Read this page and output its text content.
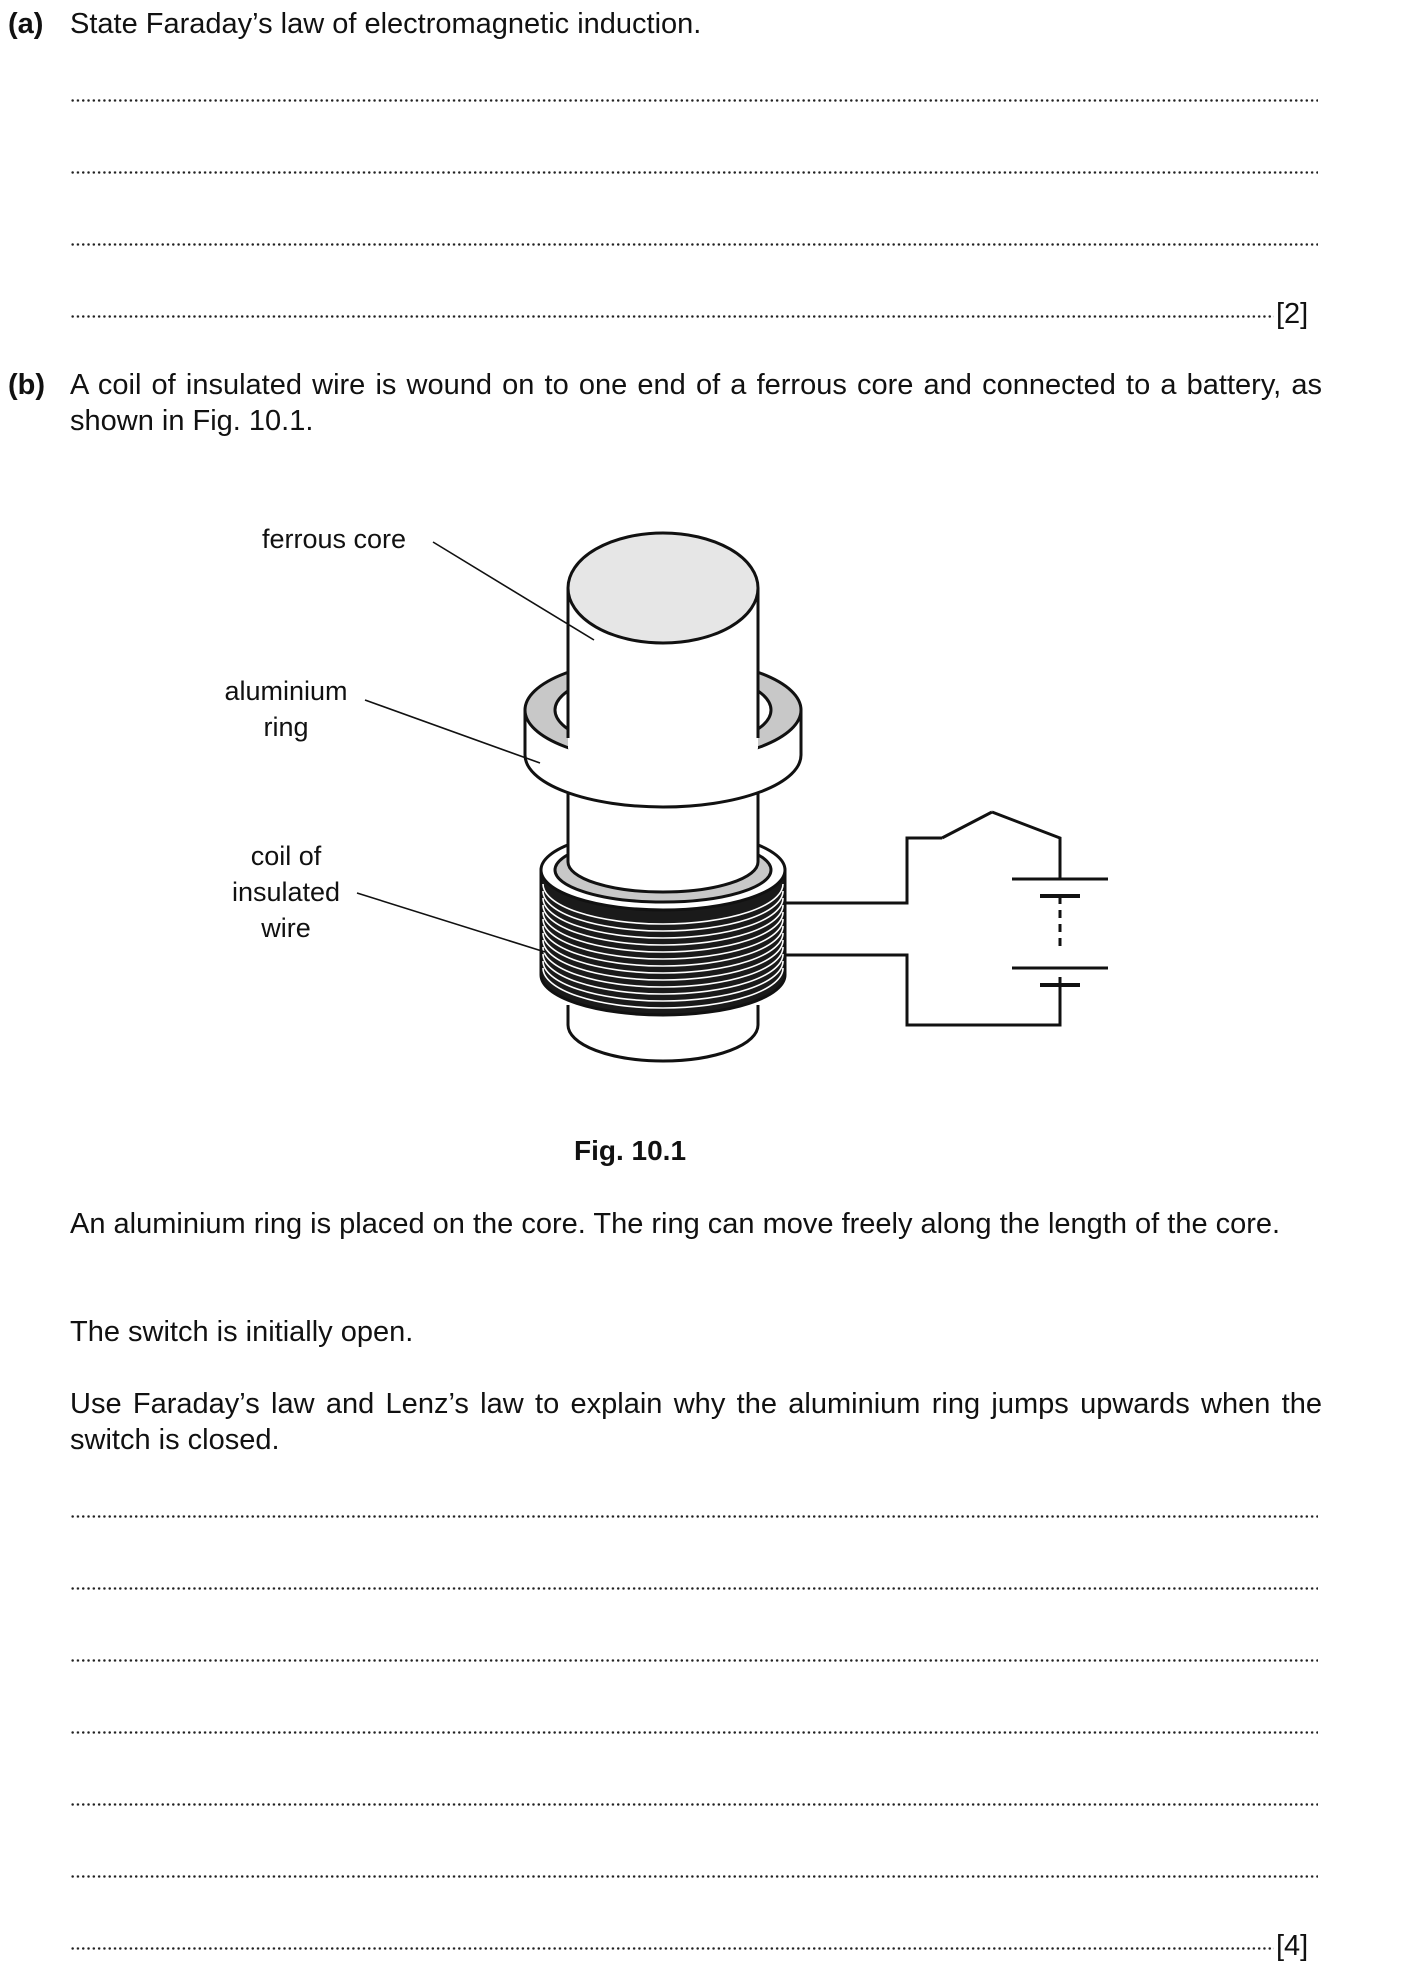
(a) State Faraday’s law of electromagnetic induction.
[2]
(b) A coil of insulated wire is wound on to one end of a ferrous core and connected to a battery, as shown in Fig. 10.1.
ferrous core
aluminium
ring
coil of
insulated
wire
Fig. 10.1
An aluminium ring is placed on the core. The ring can move freely along the length of the core.
The switch is initially open.
Use Faraday’s law and Lenz’s law to explain why the aluminium ring jumps upwards when the switch is closed.
[4]
